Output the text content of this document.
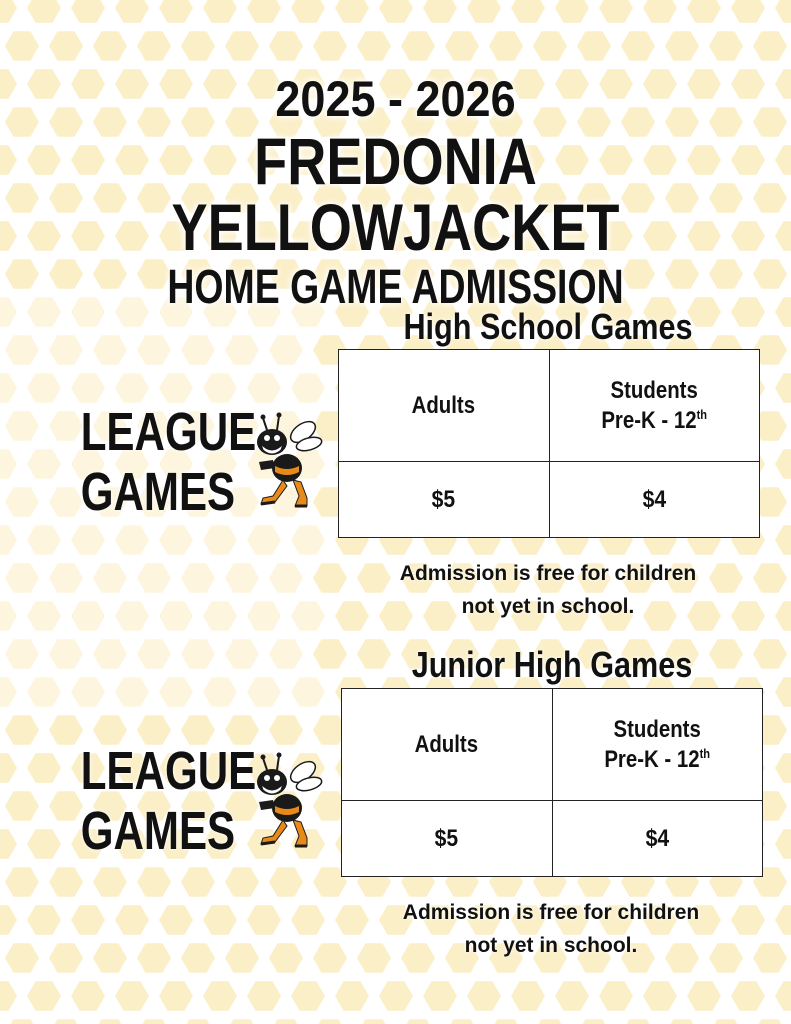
2025 - 2026
FREDONIA YELLOWJACKET
HOME GAME ADMISSION
High School Games
LEAGUE
GAMES
Adults	Students
Pre-K - 12th
$5	$4
Admission is free for children
not yet in school.
Junior High Games
LEAGUE
GAMES
Adults	Students
Pre-K - 12th
$5	$4
Admission is free for children
not yet in school.
